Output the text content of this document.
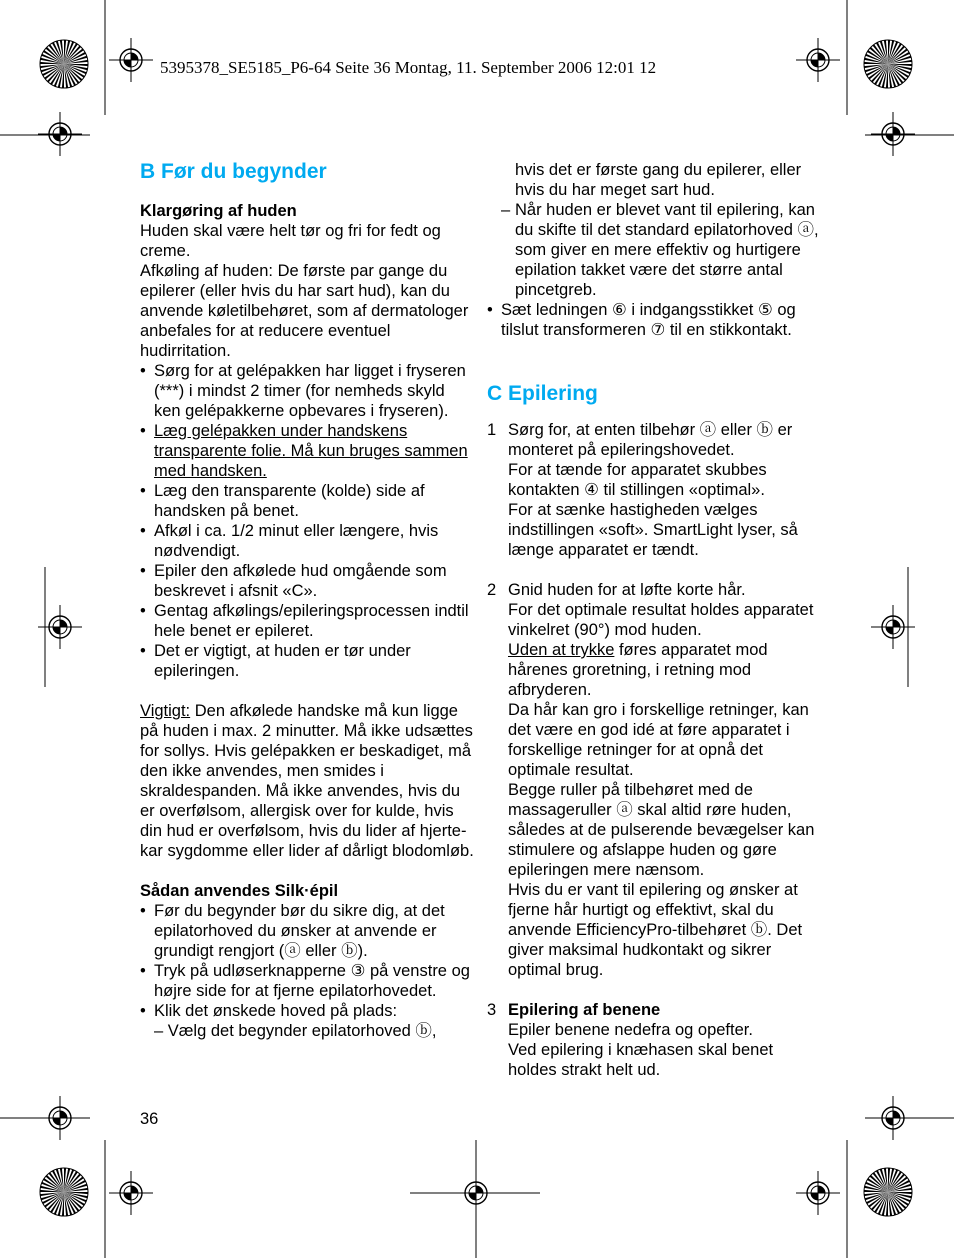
5395378_SE5185_P6-64 Seite 36 Montag, 11. September 2006 12:01 12
B Før du begynder

Klargøring af huden

Huden skal være helt tør og fri for fedt og creme.

Afkøling af huden: De første par gange du epilerer (eller hvis du har sart hud), kan du anvende køletilbehøret, som af dermatologer anbefales for at reducere eventuel hudirritation.

• Sørg for at gelépakken har ligget i fryseren (***) i mindst 2 timer (for nemheds skyld ken gelépakkerne opbevares i fryseren).
• Læg gelépakken under handskens transparente folie. Må kun bruges sammen med handsken.
• Læg den transparente (kolde) side af handsken på benet.
• Afkøl i ca. 1/2 minut eller længere, hvis nødvendigt.
• Epiler den afkølede hud omgående som beskrevet i afsnit «C».
• Gentag afkølings/epileringsprocessen indtil hele benet er epileret.
• Det er vigtigt, at huden er tør under epileringen.

Vigtigt: Den afkølede handske må kun ligge på huden i max. 2 minutter. Må ikke udsættes for sollys. Hvis gelépakken er beskadiget, må den ikke anvendes, men smides i skraldespanden. Må ikke anvendes, hvis du er overfølsom, allergisk over for kulde, hvis din hud er overfølsom, hvis du lider af hjerte-kar sygdomme eller lider af dårligt blodomløb.

Sådan anvendes Silk·épil

• Før du begynder bør du sikre dig, at det epilatorhoved du ønsker at anvende er grundigt rengjort (ⓐ eller ⓑ).
• Tryk på udløserknapperne ③ på venstre og højre side for at fjerne epilatorhovedet.
• Klik det ønskede hoved på plads:
– Vælg det begynder epilatorhoved ⓑ,

hvis det er første gang du epilerer, eller hvis du har meget sart hud.

– Når huden er blevet vant til epilering, kan du skifte til det standard epilatorhoved ⓐ, som giver en mere effektiv og hurtigere epilation takket være det større antal pincetgreb.
• Sæt ledningen ⑥ i indgangsstikket ⑤ og tilslut transformeren ⑦ til en stikkontakt.
C Epilering
1 Sørg for, at enten tilbehør ⓐ eller ⓑ er monteret på epileringshovedet.

For at tænde for apparatet skubbes kontakten ④ til stillingen «optimal».

For at sænke hastigheden vælges indstillingen «soft». SmartLight lyser, så længe apparatet er tændt.

2 Gnid huden for at løfte korte hår.

For det optimale resultat holdes apparatet vinkelret (90°) mod huden.

Uden at trykke føres apparatet mod hårenes groretning, i retning mod afbryderen.

Da hår kan gro i forskellige retninger, kan det være en god idé at føre apparatet i forskellige retninger for at opnå det optimale resultat.

Begge ruller på tilbehøret med de massageruller ⓐ skal altid røre huden, således at de pulserende bevægelser kan stimulere og afslappe huden og gøre epileringen mere nænsom.

Hvis du er vant til epilering og ønsker at fjerne hår hurtigt og effektivt, skal du anvende EfficiencyPro-tilbehøret ⓑ. Det giver maksimal hudkontakt og sikrer optimal brug.

3 Epilering af benene

Epiler benene nedefra og opefter.

Ved epilering i knæhasen skal benet holdes strakt helt ud.

36
